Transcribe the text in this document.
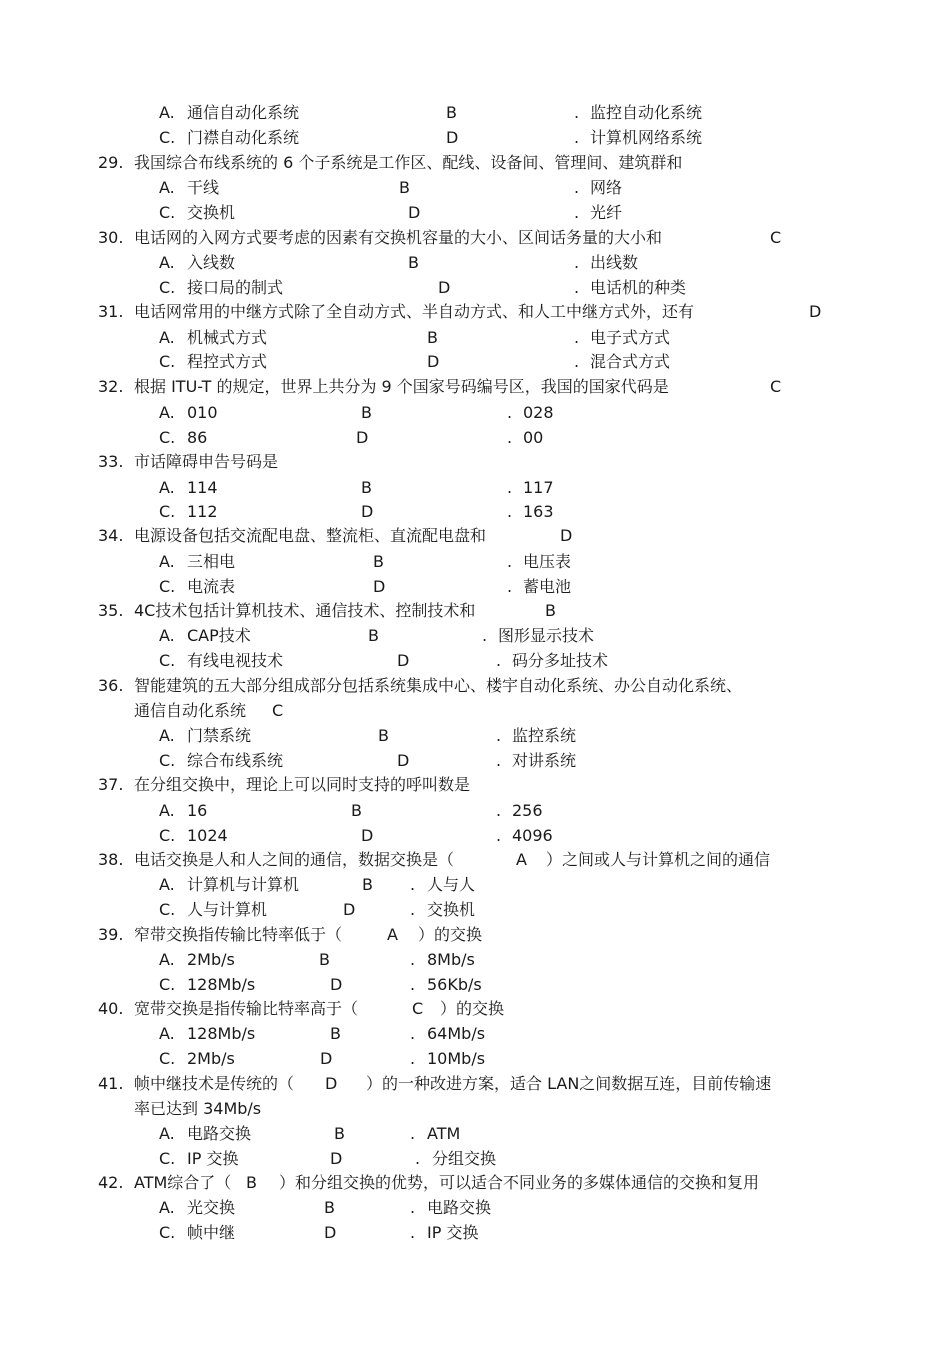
A. 通信自动化系统	B	. 监控自动化系统
C. 门襟自动化系统	D	. 计算机网络系统
29. 我国综合布线系统的 6 个子系统是工作区、配线、设备间、管理间、建筑群和
A. 干线	B	. 网络
C. 交换机	D	. 光纤
30. 电话网的入网方式要考虑的因素有交换机容量的大小、区间话务量的大小和	C
A. 入线数	B	. 出线数
C. 接口局的制式	D	. 电话机的种类
31. 电话网常用的中继方式除了全自动方式、半自动方式、和人工中继方式外，还有	D
A. 机械式方式	B	. 电子式方式
C. 程控式方式	D	. 混合式方式
32. 根据 ITU-T 的规定，世界上共分为 9 个国家号码编号区，我国的国家代码是	C
A. 010	B	. 028
C. 86	D	. 00
33. 市话障碍申告号码是
A. 114	B	. 117
C. 112	D	. 163
34. 电源设备包括交流配电盘、整流柜、直流配电盘和	D
A. 三相电	B	. 电压表
C. 电流表	D	. 蓄电池
35. 4C技术包括计算机技术、通信技术、控制技术和	B
A. CAP技术	B	. 图形显示技术
C. 有线电视技术	D	. 码分多址技术
36. 智能建筑的五大部分组成部分包括系统集成中心、楼宇自动化系统、办公自动化系统、
通信自动化系统 C
A. 门禁系统	B	. 监控系统
C. 综合布线系统	D	. 对讲系统
37. 在分组交换中，理论上可以同时支持的呼叫数是
A. 16	B	. 256
C. 1024	D	. 4096
38. 电话交换是人和人之间的通信，数据交换是（	A ）之间或人与计算机之间的通信
A. 计算机与计算机	B . 人与人
C. 人与计算机	D	. 交换机
39. 窄带交换指传输比特率低于（	A ）的交换
A. 2Mb/s	B	. 8Mb/s
C. 128Mb/s	D	. 56Kb/s
40. 宽带交换是指传输比特率高于（	C ）的交换
A. 128Mb/s	B	. 64Mb/s
C. 2Mb/s	D	. 10Mb/s
41. 帧中继技术是传统的（ D ）的一种改进方案，适合 LAN之间数据互连，目前传输速
率已达到 34Mb/s
A. 电路交换	B	. ATM
C. IP 交换	D	. 分组交换
42. ATM综合了（ B ）和分组交换的优势，可以适合不同业务的多媒体通信的交换和复用
A. 光交换	B	. 电路交换
C. 帧中继	D	. IP 交换
